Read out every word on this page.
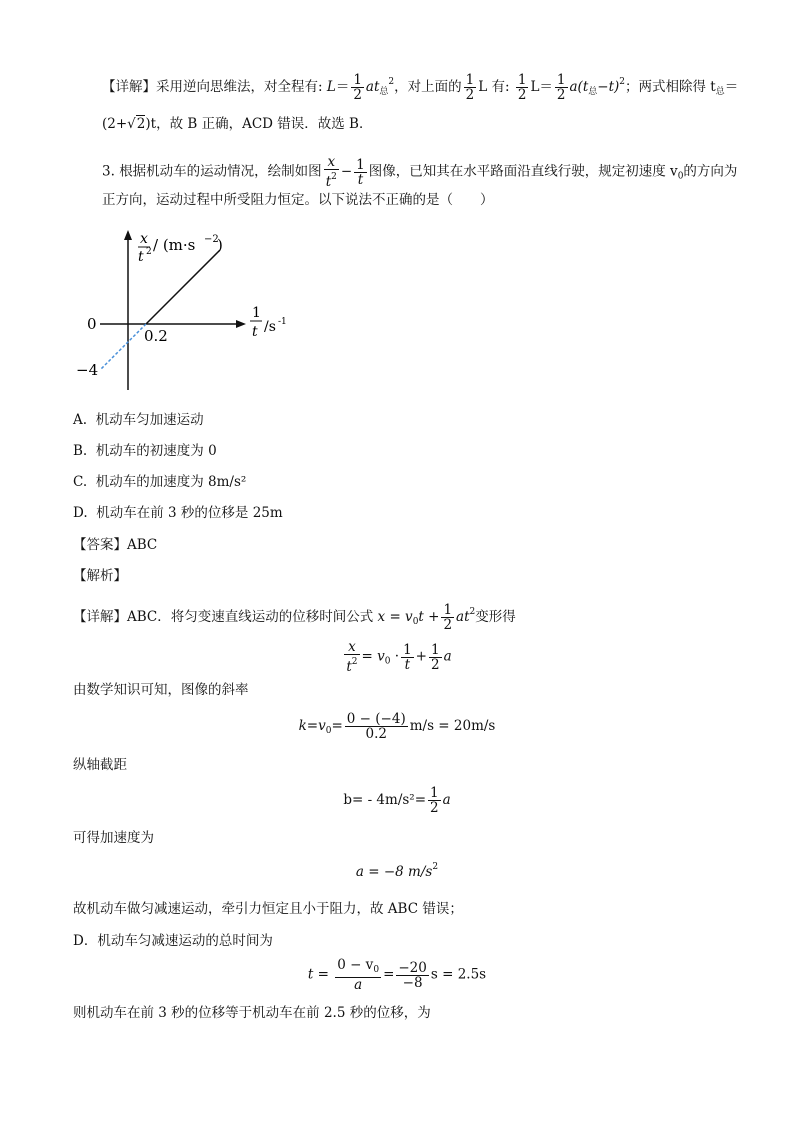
【详解】采用逆向思维法，对全程有: $L= \frac{1}{2} at_总^2$，对上面的 $\frac{1}{2}$ L 有: $\frac{1}{2} L= \frac{1}{2} a(t_总-t)^2$；两式相除得 $t_总=$
(2+√2)t，故 B 正确，ACD 错误．故选 B．
3. 根据机动车的运动情况，绘制如图 $\frac{x}{t^2} - \frac{1}{t}$ 图像，已知其在水平路面沿直线行驶，规定初速度 $v_0$的方向为
正方向，运动过程中所受阻力恒定。以下说法不正确的是（　　）
x
t 2 / (m·s −2
)
1
t /s -1
0
0.2
−4
A. 机动车匀加速运动
B. 机动车的初速度为 0
C. 机动车的加速度为 8m/s²
D. 机动车在前 3 秒的位移是 25m
【答案】ABC
【解析】
【详解】ABC．将匀变速直线运动的位移时间公式 $x = v_0t + \frac{1}{2} at^2$变形得
$\frac{x}{t^2} = v_0 \cdot \frac{1}{t} + \frac{1}{2}$ a
由数学知识可知，图像的斜率
$k=v_0= \frac{0 - (-4)}{0.2} m/s = 20m/s$
纵轴截距
$b= - 4m/s^2= \frac{1}{2}$ a
可得加速度为
a = −8 $m/s^2$
故机动车做匀减速运动，牵引力恒定且小于阻力，故 ABC 错误；
D．机动车匀减速运动的总时间为
$t = \frac{0 - v_0}{a} = \frac{-20}{-8}$ s = 2.5s
则机动车在前 3 秒的位移等于机动车在前 2.5 秒的位移，为
